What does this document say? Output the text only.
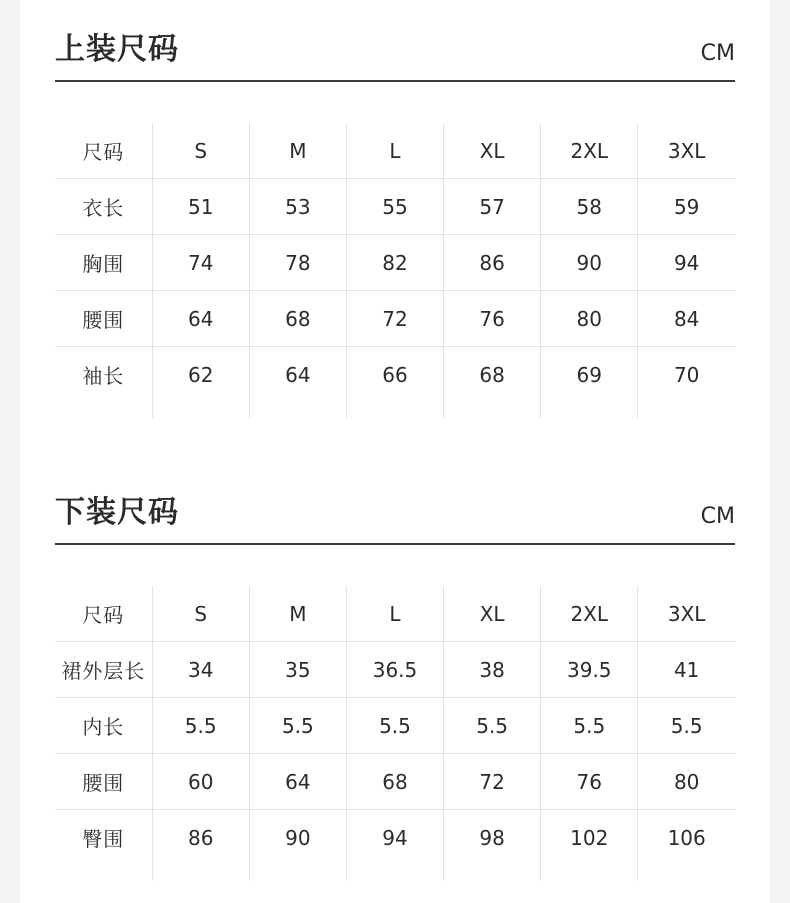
上装尺码	CM
尺码	S	M	L	XL	2XL	3XL
衣长	51	53	55	57	58	59
胸围	74	78	82	86	90	94
腰围	64	68	72	76	80	84
袖长	62	64	66	68	69	70

下装尺码	CM
尺码	S	M	L	XL	2XL	3XL
裙外层长	34	35	36.5	38	39.5	41
内长	5.5	5.5	5.5	5.5	5.5	5.5
腰围	60	64	68	72	76	80
臀围	86	90	94	98	102	106
